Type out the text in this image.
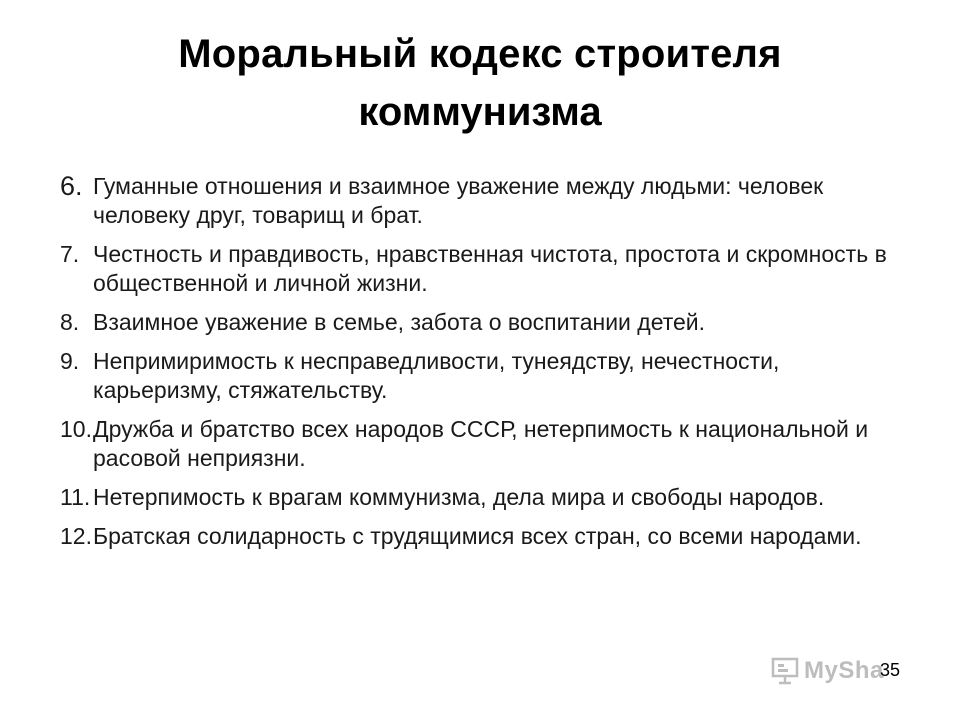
Моральный кодекс строителя
коммунизма
6. Гуманные отношения и взаимное уважение между людьми: человек человеку друг, товарищ и брат.
7. Честность и правдивость, нравственная чистота, простота и скромность в общественной и личной жизни.
8. Взаимное уважение в семье, забота о воспитании детей.
9. Непримиримость к несправедливости, тунеядству, нечестности, карьеризму, стяжательству.
10. Дружба и братство всех народов СССР, нетерпимость к национальной и расовой неприязни.
11. Нетерпимость к врагам коммунизма, дела мира и свободы народов.
12. Братская солидарность с трудящимися всех стран, со всеми народами.
MySha
35
